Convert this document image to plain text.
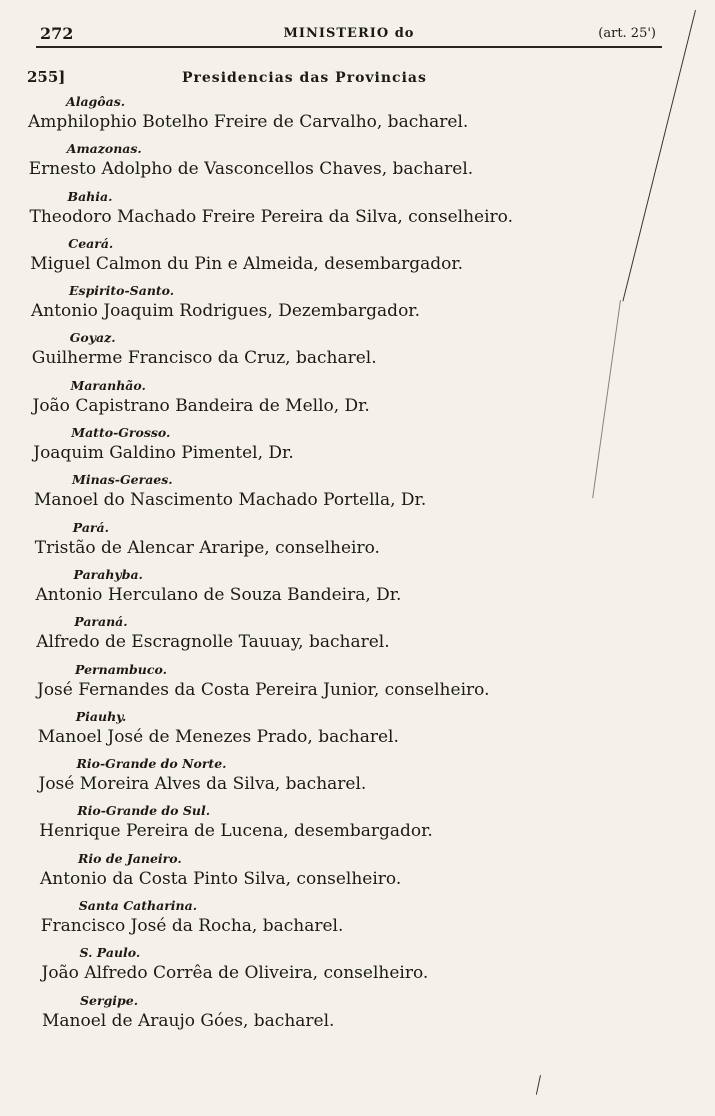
272	MINISTERIO do	(art. 25')
255]	Presidencias das Provincias
Alagôas.
Amphilophio Botelho Freire de Carvalho, bacharel.
Amazonas.
Ernesto Adolpho de Vasconcellos Chaves, bacharel.
Bahia.
Theodoro Machado Freire Pereira da Silva, conselheiro.
Ceará.
Miguel Calmon du Pin e Almeida, desembargador.
Espirito-Santo.
Antonio Joaquim Rodrigues, Dezembargador.
Goyaz.
Guilherme Francisco da Cruz, bacharel.
Maranhão.
João Capistrano Bandeira de Mello, Dr.
Matto-Grosso.
Joaquim Galdino Pimentel, Dr.
Minas-Geraes.
Manoel do Nascimento Machado Portella, Dr.
Pará.
Tristão de Alencar Araripe, conselheiro.
Parahyba.
Antonio Herculano de Souza Bandeira, Dr.
Paraná.
Alfredo de Escragnolle Tauuay, bacharel.
Pernambuco.
José Fernandes da Costa Pereira Junior, conselheiro.
Piauhy.
Manoel José de Menezes Prado, bacharel.
Rio-Grande do Norte.
José Moreira Alves da Silva, bacharel.
Rio-Grande do Sul.
Henrique Pereira de Lucena, desembargador.
Rio de Janeiro.
Antonio da Costa Pinto Silva, conselheiro.
Santa Catharina.
Francisco José da Rocha, bacharel.
S. Paulo.
João Alfredo Corrêa de Oliveira, conselheiro.
Sergipe.
Manoel de Araujo Góes, bacharel.
